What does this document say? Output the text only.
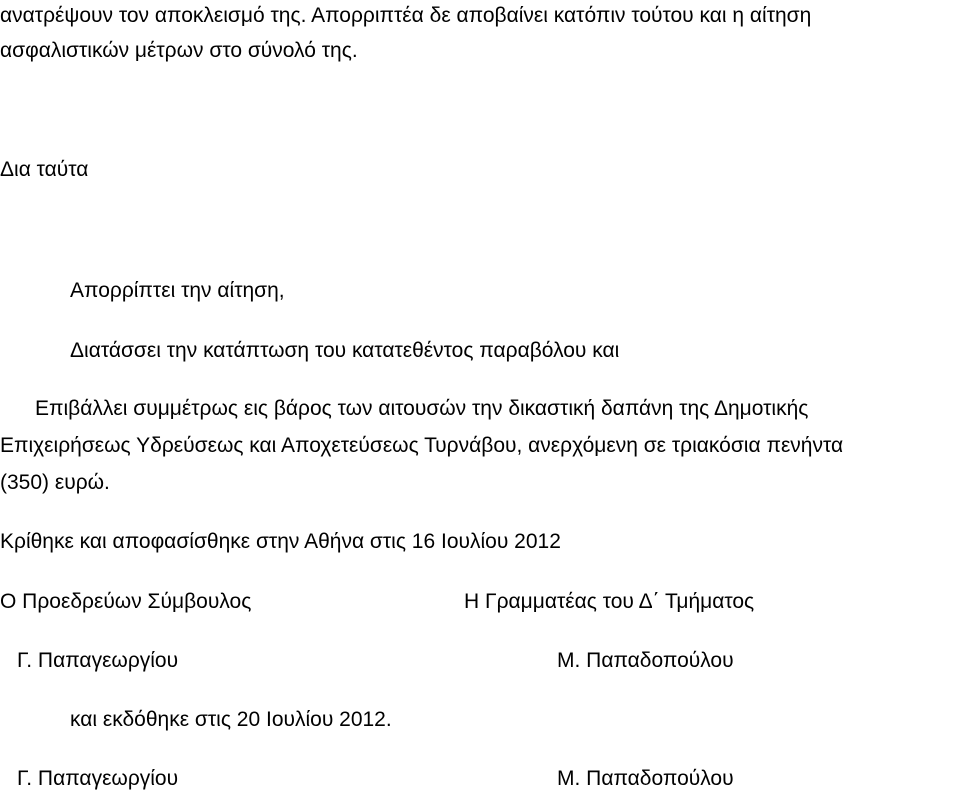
ανατρέψουν τον αποκλεισμό της. Απορριπτέα δε αποβαίνει κατόπιν τούτου και η αίτηση
ασφαλιστικών μέτρων στο σύνολό της.
Δια ταύτα
Απορρίπτει την αίτηση,
Διατάσσει την κατάπτωση του κατατεθέντος παραβόλου και
Επιβάλλει συμμέτρως εις βάρος των αιτουσών την δικαστική δαπάνη της Δημοτικής
Επιχειρήσεως Υδρεύσεως και Αποχετεύσεως Τυρνάβου, ανερχόμενη σε τριακόσια πενήντα
(350) ευρώ.
Κρίθηκε και αποφασίσθηκε στην Αθήνα στις 16 Ιουλίου 2012
Ο Προεδρεύων Σύμβουλος	Η Γραμματέας του Δ΄ Τμήματος
Γ. Παπαγεωργίου	Μ. Παπαδοπούλου
και εκδόθηκε στις 20 Ιουλίου 2012.
Γ. Παπαγεωργίου	Μ. Παπαδοπούλου
